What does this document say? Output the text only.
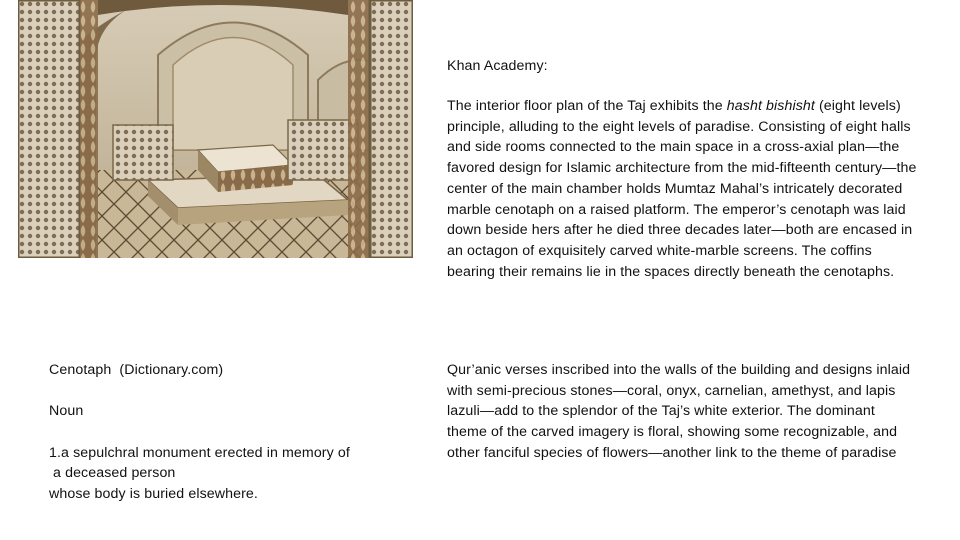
Khan Academy:
The interior floor plan of the Taj exhibits the hasht bishisht (eight levels) principle, alluding to the eight levels of paradise. Consisting of eight halls and side rooms connected to the main space in a cross-axial plan—the favored design for Islamic architecture from the mid-fifteenth century—the center of the main chamber holds Mumtaz Mahal’s intricately decorated marble cenotaph on a raised platform. The emperor’s cenotaph was laid down beside hers after he died three decades later—both are encased in an octagon of exquisitely carved white-marble screens. The coffins bearing their remains lie in the spaces directly beneath the cenotaphs.
Cenotaph  (Dictionary.com)
Noun
1.a sepulchral monument erected in memory of
a deceased person
whose body is buried elsewhere.
Qur’anic verses inscribed into the walls of the building and designs inlaid with semi-precious stones—coral, onyx, carnelian, amethyst, and lapis lazuli—add to the splendor of the Taj’s white exterior. The dominant theme of the carved imagery is floral, showing some recognizable, and other fanciful species of flowers—another link to the theme of paradise
